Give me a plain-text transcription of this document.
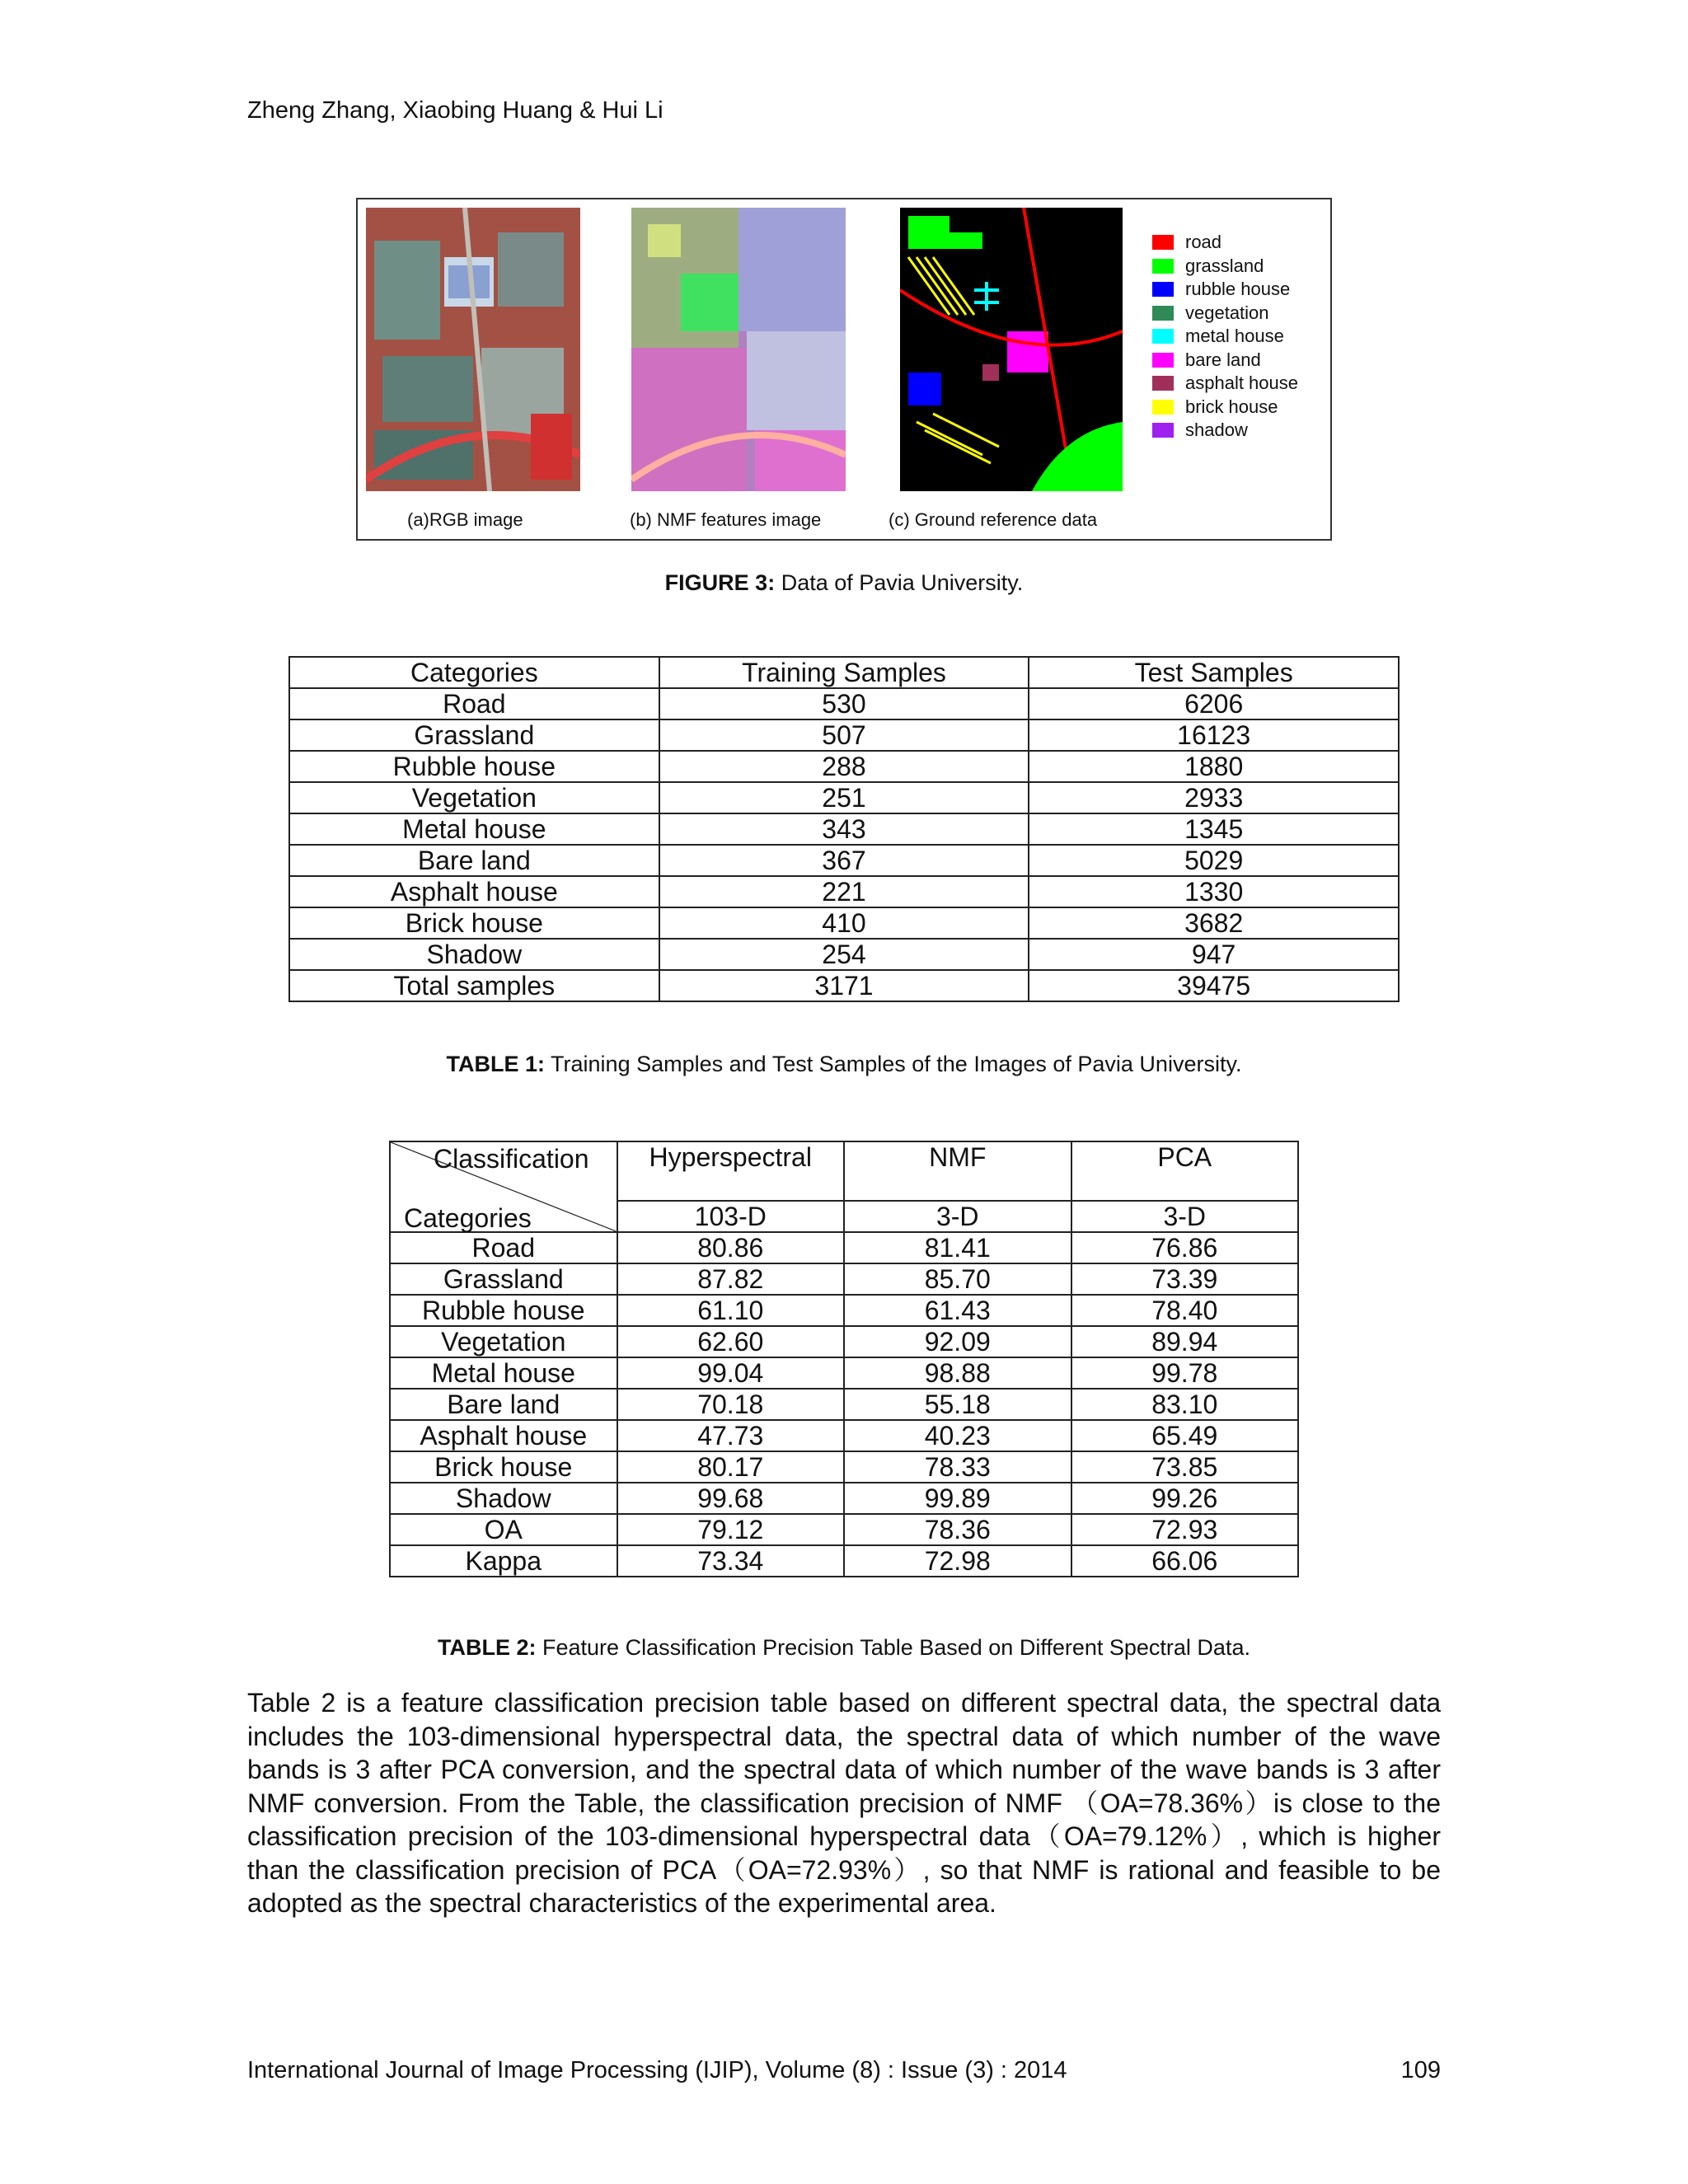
Zheng Zhang, Xiaobing Huang & Hui Li
road
grassland
rubble house
vegetation
metal house
bare land
asphalt house
brick house
shadow
(a)RGB image	(b) NMF features image	(c) Ground reference data
FIGURE 3: Data of Pavia University.
Categories	Training Samples	Test Samples
Road	530	6206
Grassland	507	16123
Rubble house	288	1880
Vegetation	251	2933
Metal house	343	1345
Bare land	367	5029
Asphalt house	221	1330
Brick house	410	3682
Shadow	254	947
Total samples	3171	39475
TABLE 1: Training Samples and Test Samples of the Images of Pavia University.
Classification
Categories	Hyperspectral	NMF	PCA
	103-D	3-D	3-D
Road	80.86	81.41	76.86
Grassland	87.82	85.70	73.39
Rubble house	61.10	61.43	78.40
Vegetation	62.60	92.09	89.94
Metal house	99.04	98.88	99.78
Bare land	70.18	55.18	83.10
Asphalt house	47.73	40.23	65.49
Brick house	80.17	78.33	73.85
Shadow	99.68	99.89	99.26
OA	79.12	78.36	72.93
Kappa	73.34	72.98	66.06
TABLE 2: Feature Classification Precision Table Based on Different Spectral Data.
Table 2 is a feature classification precision table based on different spectral data, the spectral data includes the 103-dimensional hyperspectral data, the spectral data of which number of the wave bands is 3 after PCA conversion, and the spectral data of which number of the wave bands is 3 after NMF conversion. From the Table, the classification precision of NMF （OA=78.36%）is close to the classification precision of the 103-dimensional hyperspectral data（OA=79.12%）, which is higher than the classification precision of PCA（OA=72.93%）, so that NMF is rational and feasible to be adopted as the spectral characteristics of the experimental area.
International Journal of Image Processing (IJIP), Volume (8) : Issue (3) : 2014	109
